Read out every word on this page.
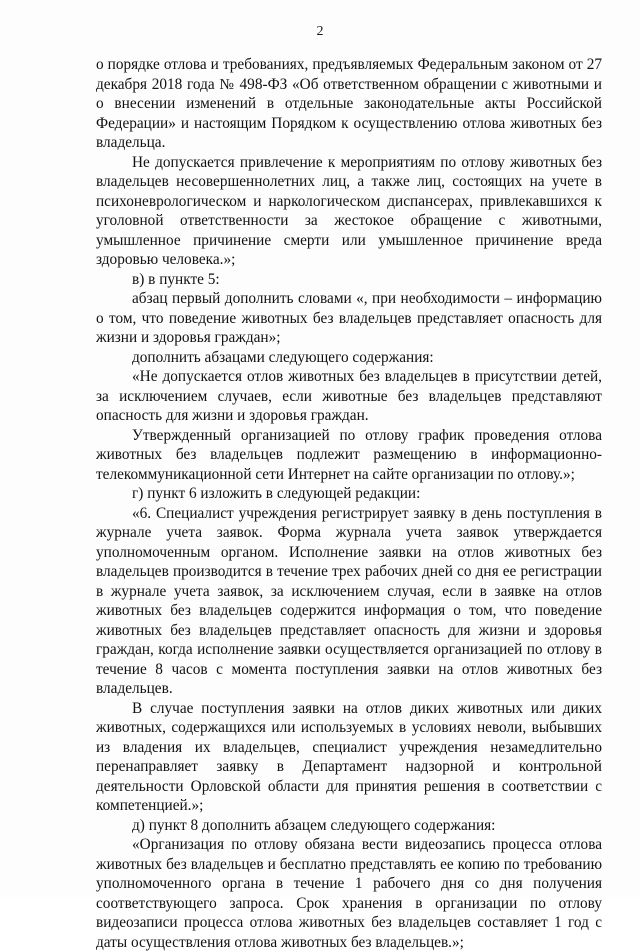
2

о порядке отлова и требованиях, предъявляемых Федеральным законом от 27 декабря 2018 года № 498-ФЗ «Об ответственном обращении с животными и о внесении изменений в отдельные законодательные акты Российской Федерации» и настоящим Порядком к осуществлению отлова животных без владельца.

Не допускается привлечение к мероприятиям по отлову животных без владельцев несовершеннолетних лиц, а также лиц, состоящих на учете в психоневрологическом и наркологическом диспансерах, привлекавшихся к уголовной ответственности за жестокое обращение с животными, умышленное причинение смерти или умышленное причинение вреда здоровью человека.»;

в) в пункте 5:

абзац первый дополнить словами «, при необходимости – информацию о том, что поведение животных без владельцев представляет опасность для жизни и здоровья граждан»;

дополнить абзацами следующего содержания:

«Не допускается отлов животных без владельцев в присутствии детей, за исключением случаев, если животные без владельцев представляют опасность для жизни и здоровья граждан.

Утвержденный организацией по отлову график проведения отлова животных без владельцев подлежит размещению в информационно-телекоммуникационной сети Интернет на сайте организации по отлову.»;

г) пункт 6 изложить в следующей редакции:

«6. Специалист учреждения регистрирует заявку в день поступления в журнале учета заявок. Форма журнала учета заявок утверждается уполномоченным органом. Исполнение заявки на отлов животных без владельцев производится в течение трех рабочих дней со дня ее регистрации в журнале учета заявок, за исключением случая, если в заявке на отлов животных без владельцев содержится информация о том, что поведение животных без владельцев представляет опасность для жизни и здоровья граждан, когда исполнение заявки осуществляется организацией по отлову в течение 8 часов с момента поступления заявки на отлов животных без владельцев.

В случае поступления заявки на отлов диких животных или диких животных, содержащихся или используемых в условиях неволи, выбывших из владения их владельцев, специалист учреждения незамедлительно перенаправляет заявку в Департамент надзорной и контрольной деятельности Орловской области для принятия решения в соответствии с компетенцией.»;

д) пункт 8 дополнить абзацем следующего содержания:

«Организация по отлову обязана вести видеозапись процесса отлова животных без владельцев и бесплатно представлять ее копию по требованию уполномоченного органа в течение 1 рабочего дня со дня получения соответствующего запроса. Срок хранения в организации по отлову видеозаписи процесса отлова животных без владельцев составляет 1 год с даты осуществления отлова животных без владельцев.»;
